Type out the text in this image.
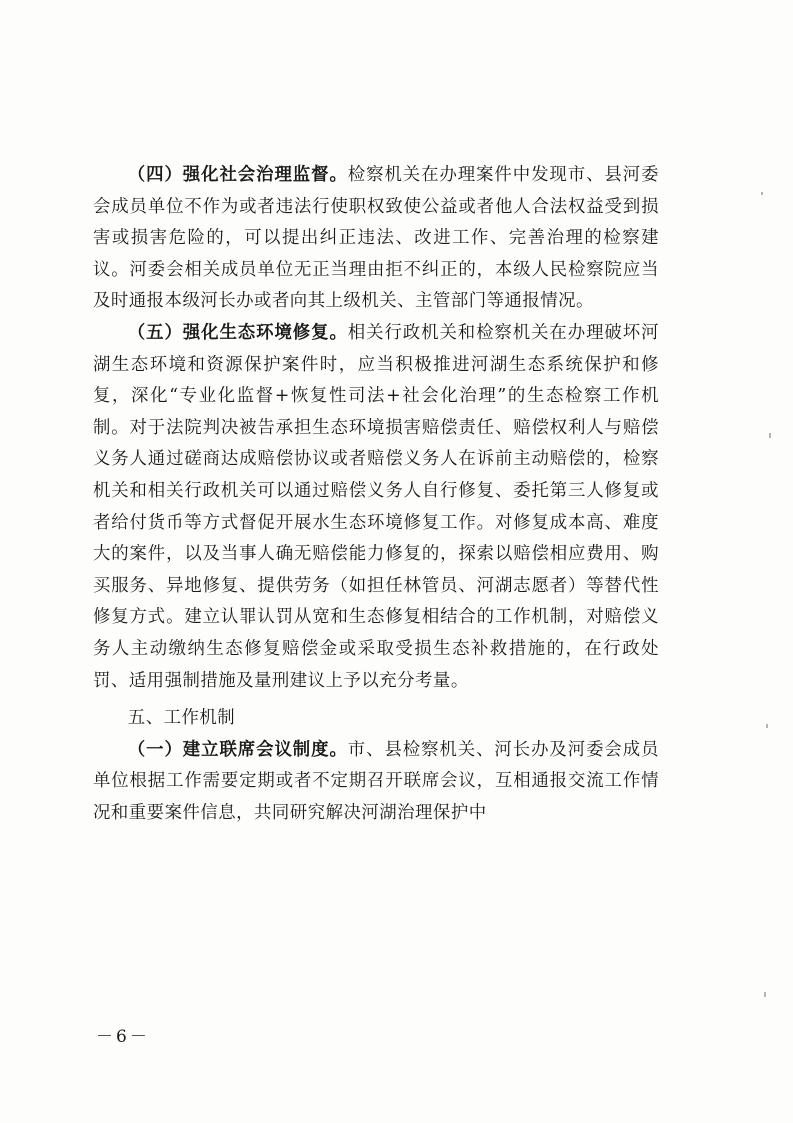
（四）强化社会治理监督。检察机关在办理案件中发现市、县河委会成员单位不作为或者违法行使职权致使公益或者他人合法权益受到损害或损害危险的，可以提出纠正违法、改进工作、完善治理的检察建议。河委会相关成员单位无正当理由拒不纠正的，本级人民检察院应当及时通报本级河长办或者向其上级机关、主管部门等通报情况。

（五）强化生态环境修复。相关行政机关和检察机关在办理破坏河湖生态环境和资源保护案件时，应当积极推进河湖生态系统保护和修复，深化“专业化监督+恢复性司法+社会化治理”的生态检察工作机制。对于法院判决被告承担生态环境损害赔偿责任、赔偿权利人与赔偿义务人通过磋商达成赔偿协议或者赔偿义务人在诉前主动赔偿的，检察机关和相关行政机关可以通过赔偿义务人自行修复、委托第三人修复或者给付货币等方式督促开展水生态环境修复工作。对修复成本高、难度大的案件，以及当事人确无赔偿能力修复的，探索以赔偿相应费用、购买服务、异地修复、提供劳务（如担任林管员、河湖志愿者）等替代性修复方式。建立认罪认罚从宽和生态修复相结合的工作机制，对赔偿义务人主动缴纳生态修复赔偿金或采取受损生态补救措施的，在行政处罚、适用强制措施及量刑建议上予以充分考量。

五、工作机制

（一）建立联席会议制度。市、县检察机关、河长办及河委会成员单位根据工作需要定期或者不定期召开联席会议，互相通报交流工作情况和重要案件信息，共同研究解决河湖治理保护中

－6－
